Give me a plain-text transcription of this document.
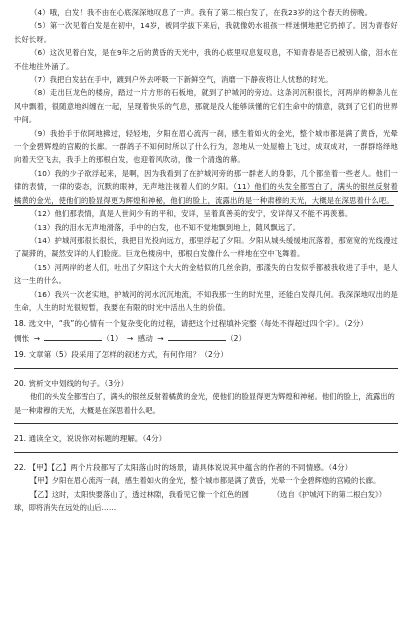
（4）哦，白发！我不由在心底深深地叹息了一声。我有了第二根白发了，在我23岁的这个春天的傍晚。

（5）第一次见着白发是在初中，14岁，被同学拔下来后，我就像奶水祖孩一样迷惘地把它扔掉了。因为青春好长好长呀。

（6）这次见着白发，是在9年之后的黄昏的天光中，我的心底里叹息复叹息，不知青春是否已被别人偷，泪水在不住地往外涌了。

（7）我把白发拈在手中，踱到户外去呼吸一下新鲜空气，消磨一下静夜将让人忧愁的时光。

（8）走出巨龙色的楼房，踏过一片方形的石板地，就到了护城河的旁边。这条河沉积很长，河两岸的柳条儿在风中飘着，很随意地纠缠在一起，呈现着快乐的气息，那就是没人能够读懂的它们生命中的情意，就到了它们的世界中间。

（9）我抬手于依阿地拂过，轻轻地，夕阳在眉心流泻一刹，感生着如火的金光，整个城市都是满了黄昏，光晕一个金碧辉煌的宫殿的长廊。一群鸽子不知何时所以了什么行为，忽地从一处屋檐上飞过，成双成对，一群群络绎地向着天空飞去，我手上的那根白发，也迎着风吹动，像一个清逸的幕。

（10）我的少子欲浮起来，是啊，因为我看到了在护城河旁的那一群老人的身影，几个都坐着一些老人。他们一律的表情，一律的姿态，沉默的眼神，无声地注视着人们的夕阳。（11）他们的头发全都雪白了，满头的银丝反射着橘黄的金光，使他们的脸显得更为辉煌和神秘，他们的脸上，流露出的是一种肃穆的天光，大概是在深思着什么吧。

（12）他们那表情，真是人世间少有的平和，安详，呈着真善美的安宁，安详得又不能不再羡慕。

（13）我的泪水无声地滑落，手中的白发，也不知不觉地飘到地上，随风飘远了。

（14）护城河那很长很长，我把目光投向远方，那里浮起了夕阳。夕阳从城头缓缓地沉落着，那宽宽的光线漫过了凝滞的，凝然安详的人们脸庞。巨龙色楼房中，那根白发像什么一样地在空中飞舞着。

（15）河两岸的老人们，吐出了夕阳这个大大的金桔似的几丝余韵，那漾失的白发似乎都被我收进了手中，是人这一生的什么。

（16）我兴一次老实地，护城河的河水沉沉地流，不知我那一生的时光里，还能白发得几何。我深深地叹出的是生命，人生的时光很短暂，我要在有限的时光中活出人生的价值。

18. 选文中，“我”的心情有一个复杂变化的过程，请把这个过程填补完整（每处不得超过四个字）。（2分）

惆怅 →	（1） → 感动 →	（2）

19. 文章第（5）段采用了怎样的叙述方式，有何作用？（2分）

20. 赏析文中划线的句子。（3分）

他们的头发全都雪白了，满头的银丝反射着橘黄的金光，使他们的脸显得更为辉煌和神秘。他们的脸上，流露出的是一种肃穆的天光，大概是在深思着什么吧。

21. 通读全文，说说你对标题的理解。（4分）

22. 【甲】【乙】两个片段都写了太阳落山时的场景，请具体说说其中蕴含的作者的不同情感。（4分）

【甲】夕阳在眉心流泻一刹，感生着如火的金光，整个城市都是满了黄昏，光晕一个金碧辉煌的宫殿的长廊。
（选自《护城河下的第二根白发》）

【乙】这时，太阳快要落山了，透过林隙，我看见它像一个红色的圆球，即将消失在远处的山后……
